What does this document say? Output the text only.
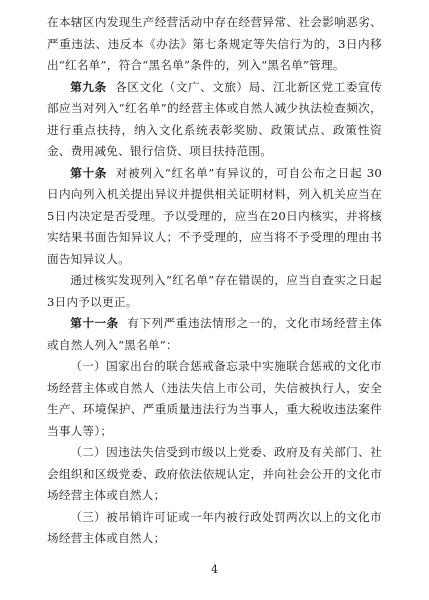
在本辖区内发现生产经营活动中存在经营异常、社会影响恶劣、严重违法、违反本《办法》第七条规定等失信行为的，3日内移出“红名单”，符合“黑名单”条件的，列入“黑名单”管理。

第九条 各区文化（文广、文旅）局、江北新区党工委宣传部应当对列入“红名单”的经营主体或自然人减少执法检查频次，进行重点扶持，纳入文化系统表彰奖励、政策试点、政策性资金、费用减免、银行信贷、项目扶持范围。

第十条 对被列入“红名单”有异议的，可自公布之日起 30日内向列入机关提出异议并提供相关证明材料，列入机关应当在5日内决定是否受理。予以受理的，应当在20日内核实，并将核实结果书面告知异议人；不予受理的，应当将不予受理的理由书面告知异议人。

通过核实发现列入“红名单”存在错误的，应当自查实之日起3日内予以更正。

第十一条 有下列严重违法情形之一的，文化市场经营主体或自然人列入“黑名单”：

（一）国家出台的联合惩戒备忘录中实施联合惩戒的文化市场经营主体或自然人（违法失信上市公司，失信被执行人，安全生产、环境保护、严重质量违法行为当事人，重大税收违法案件当事人等）；

（二）因违法失信受到市级以上党委、政府及有关部门、社会组织和区级党委、政府依法依规认定，并向社会公开的文化市场经营主体或自然人；

（三）被吊销许可证或一年内被行政处罚两次以上的文化市场经营主体或自然人；

4
